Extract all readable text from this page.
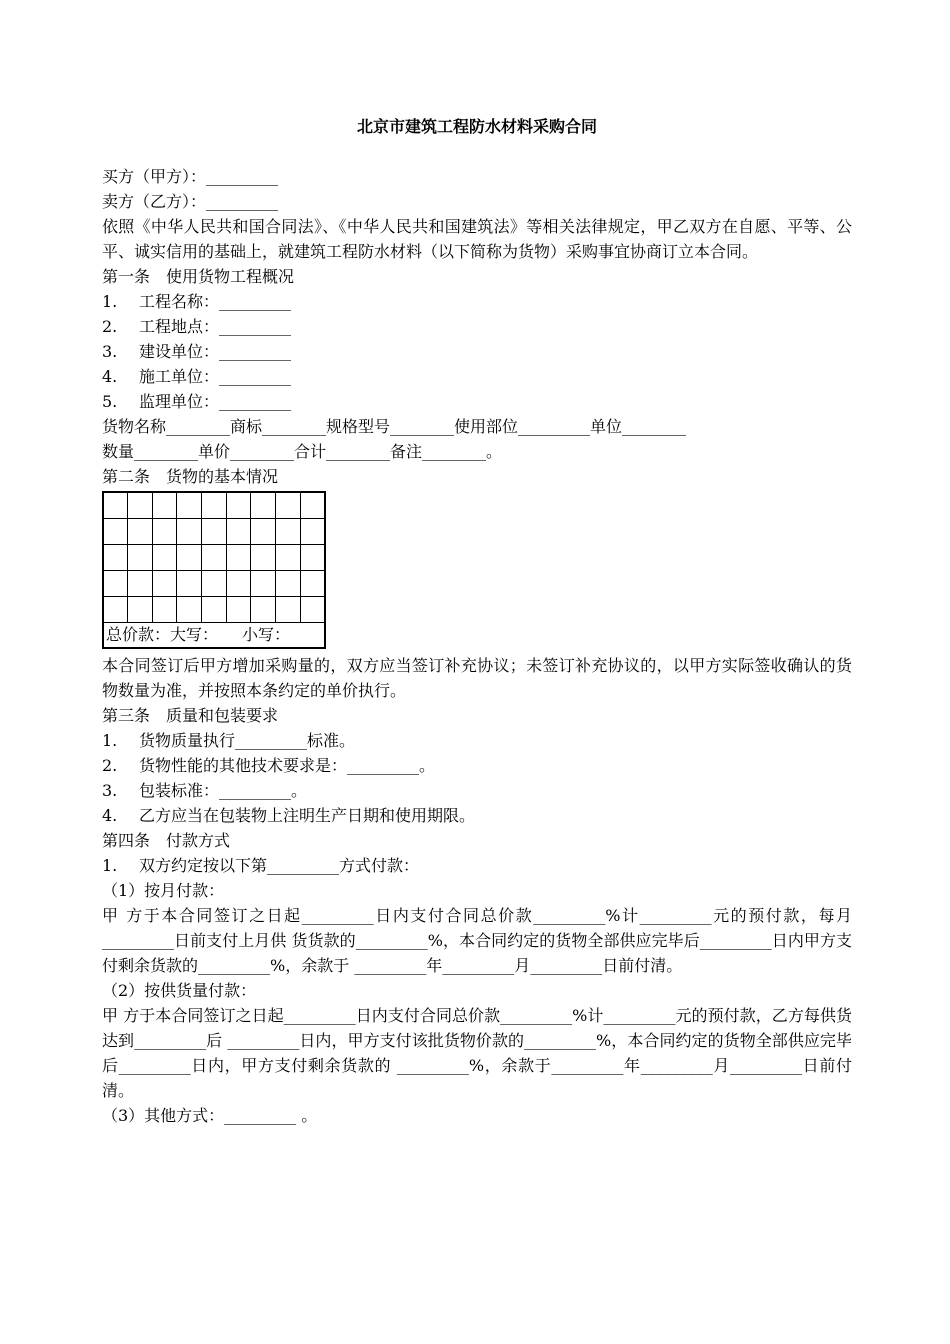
北京市建筑工程防水材料采购合同
买方（甲方）：_________
卖方（乙方）：_________
依照《中华人民共和国合同法》、《中华人民共和国建筑法》等相关法律规定，甲乙双方在自愿、平等、公平、诚实信用的基础上，就建筑工程防水材料（以下简称为货物）采购事宜协商订立本合同。
第一条　使用货物工程概况
1. 工程名称：_________
2. 工程地点：_________
3. 建设单位：_________
4. 施工单位：_________
5. 监理单位：_________
货物名称________商标________规格型号________使用部位_________单位________
数量________单价________合计________备注________。
第二条　货物的基本情况

总价款：大写：　　小写：								
本合同签订后甲方增加采购量的，双方应当签订补充协议；未签订补充协议的，以甲方实际签收确认的货物数量为准，并按照本条约定的单价执行。
第三条　质量和包装要求
1. 货物质量执行_________标准。
2. 货物性能的其他技术要求是：_________。
3. 包装标准：_________。
4. 乙方应当在包装物上注明生产日期和使用期限。
第四条　付款方式
1. 双方约定按以下第_________方式付款：
（1）按月付款：
甲 方于本合同签订之日起_________日内支付合同总价款_________%计_________元的预付款，每月_________日前支付上月供 货货款的_________%，本合同约定的货物全部供应完毕后_________日内甲方支付剩余货款的_________%，余款于 _________年_________月_________日前付清。
（2）按供货量付款：
甲 方于本合同签订之日起_________日内支付合同总价款_________%计_________元的预付款，乙方每供货达到_________后 _________日内，甲方支付该批货物价款的_________%，本合同约定的货物全部供应完毕后_________日内，甲方支付剩余货款的 _________%，余款于_________年_________月_________日前付清。
（3）其他方式：_________ 。
